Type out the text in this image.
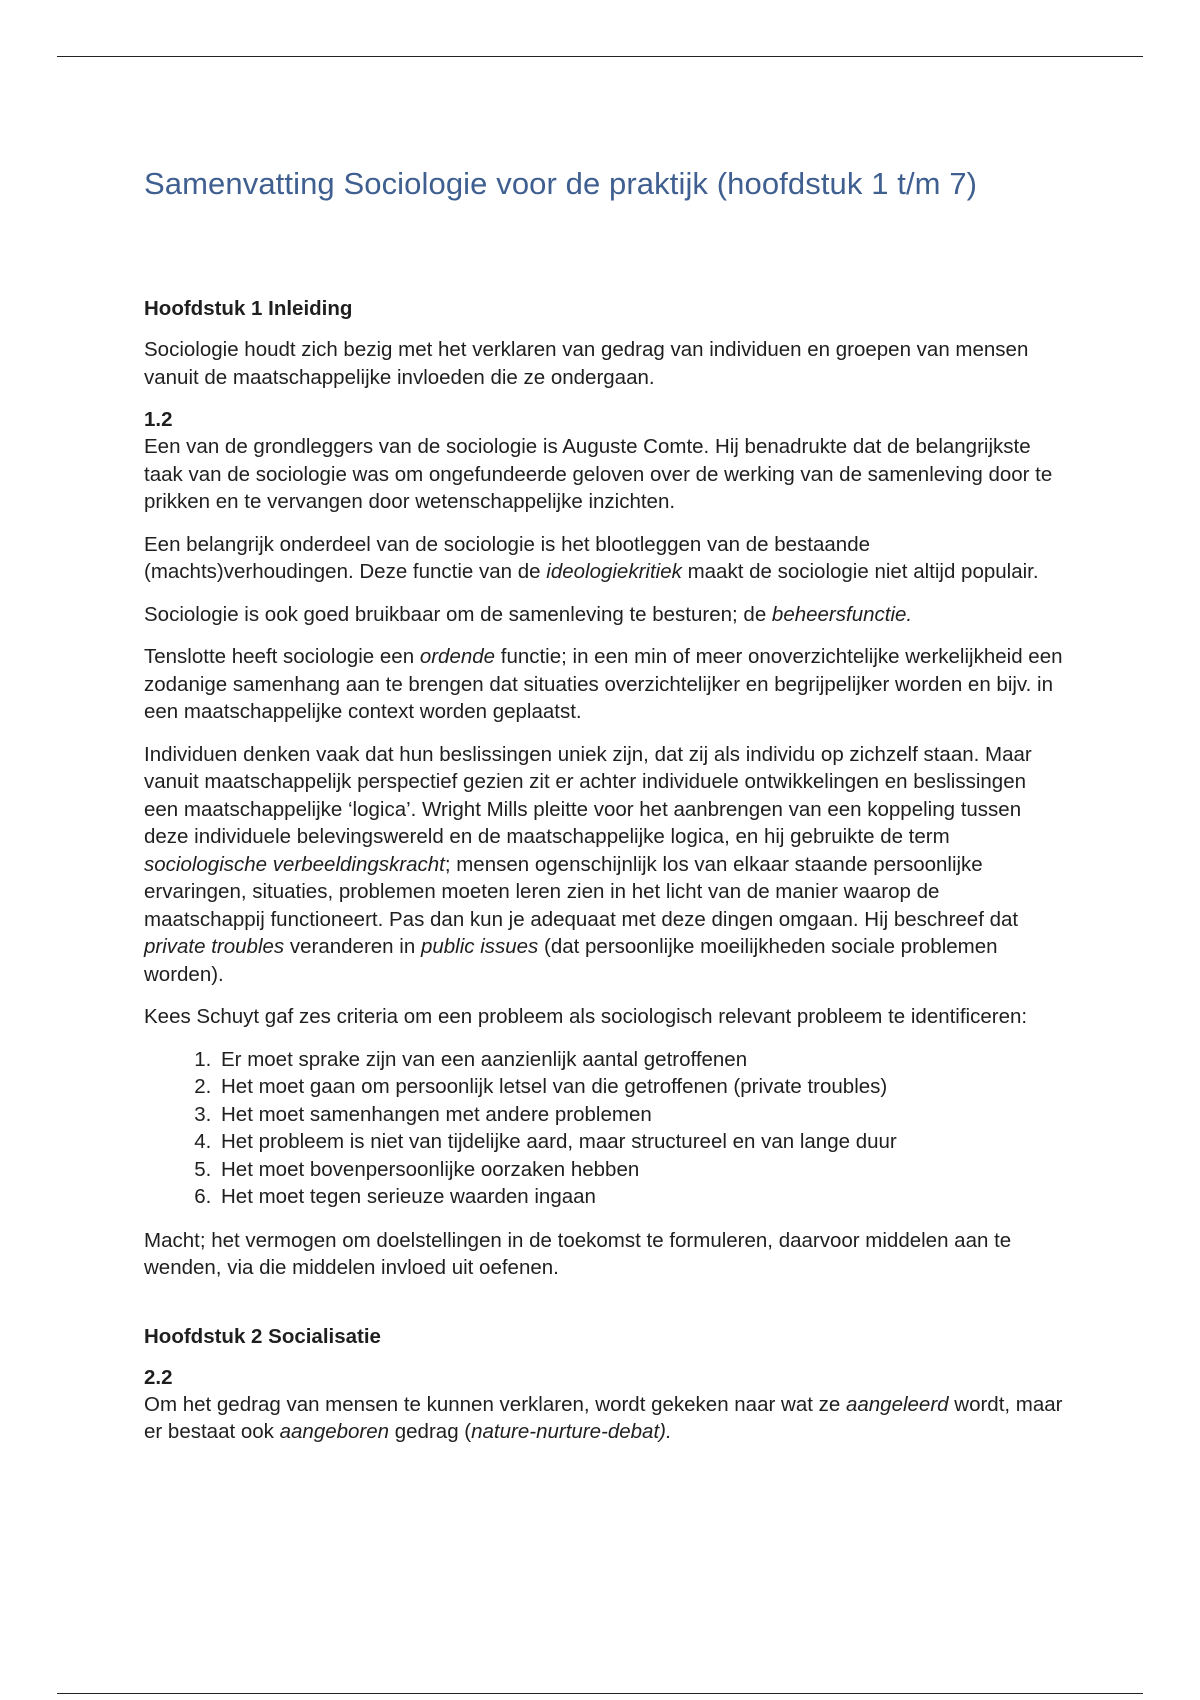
Samenvatting Sociologie voor de praktijk (hoofdstuk 1 t/m 7)
Hoofdstuk 1 Inleiding

Sociologie houdt zich bezig met het verklaren van gedrag van individuen en groepen van mensen vanuit de maatschappelijke invloeden die ze ondergaan.

1.2

Een van de grondleggers van de sociologie is Auguste Comte. Hij benadrukte dat de belangrijkste taak van de sociologie was om ongefundeerde geloven over de werking van de samenleving door te prikken en te vervangen door wetenschappelijke inzichten.

Een belangrijk onderdeel van de sociologie is het blootleggen van de bestaande (machts)verhoudingen. Deze functie van de ideologiekritiek maakt de sociologie niet altijd populair.

Sociologie is ook goed bruikbaar om de samenleving te besturen; de beheersfunctie.

Tenslotte heeft sociologie een ordende functie; in een min of meer onoverzichtelijke werkelijkheid een zodanige samenhang aan te brengen dat situaties overzichtelijker en begrijpelijker worden en bijv. in een maatschappelijke context worden geplaatst.

Individuen denken vaak dat hun beslissingen uniek zijn, dat zij als individu op zichzelf staan. Maar vanuit maatschappelijk perspectief gezien zit er achter individuele ontwikkelingen en beslissingen een maatschappelijke ‘logica’. Wright Mills pleitte voor het aanbrengen van een koppeling tussen deze individuele belevingswereld en de maatschappelijke logica, en hij gebruikte de term sociologische verbeeldingskracht; mensen ogenschijnlijk los van elkaar staande persoonlijke ervaringen, situaties, problemen moeten leren zien in het licht van de manier waarop de maatschappij functioneert. Pas dan kun je adequaat met deze dingen omgaan. Hij beschreef dat private troubles veranderen in public issues (dat persoonlijke moeilijkheden sociale problemen worden).

Kees Schuyt gaf zes criteria om een probleem als sociologisch relevant probleem te identificeren:

1. Er moet sprake zijn van een aanzienlijk aantal getroffenen
2. Het moet gaan om persoonlijk letsel van die getroffenen (private troubles)
3. Het moet samenhangen met andere problemen
4. Het probleem is niet van tijdelijke aard, maar structureel en van lange duur
5. Het moet bovenpersoonlijke oorzaken hebben
6. Het moet tegen serieuze waarden ingaan

Macht; het vermogen om doelstellingen in de toekomst te formuleren, daarvoor middelen aan te wenden, via die middelen invloed uit oefenen.

Hoofdstuk 2 Socialisatie
2.2

Om het gedrag van mensen te kunnen verklaren, wordt gekeken naar wat ze aangeleerd wordt, maar er bestaat ook aangeboren gedrag (nature-nurture-debat).
